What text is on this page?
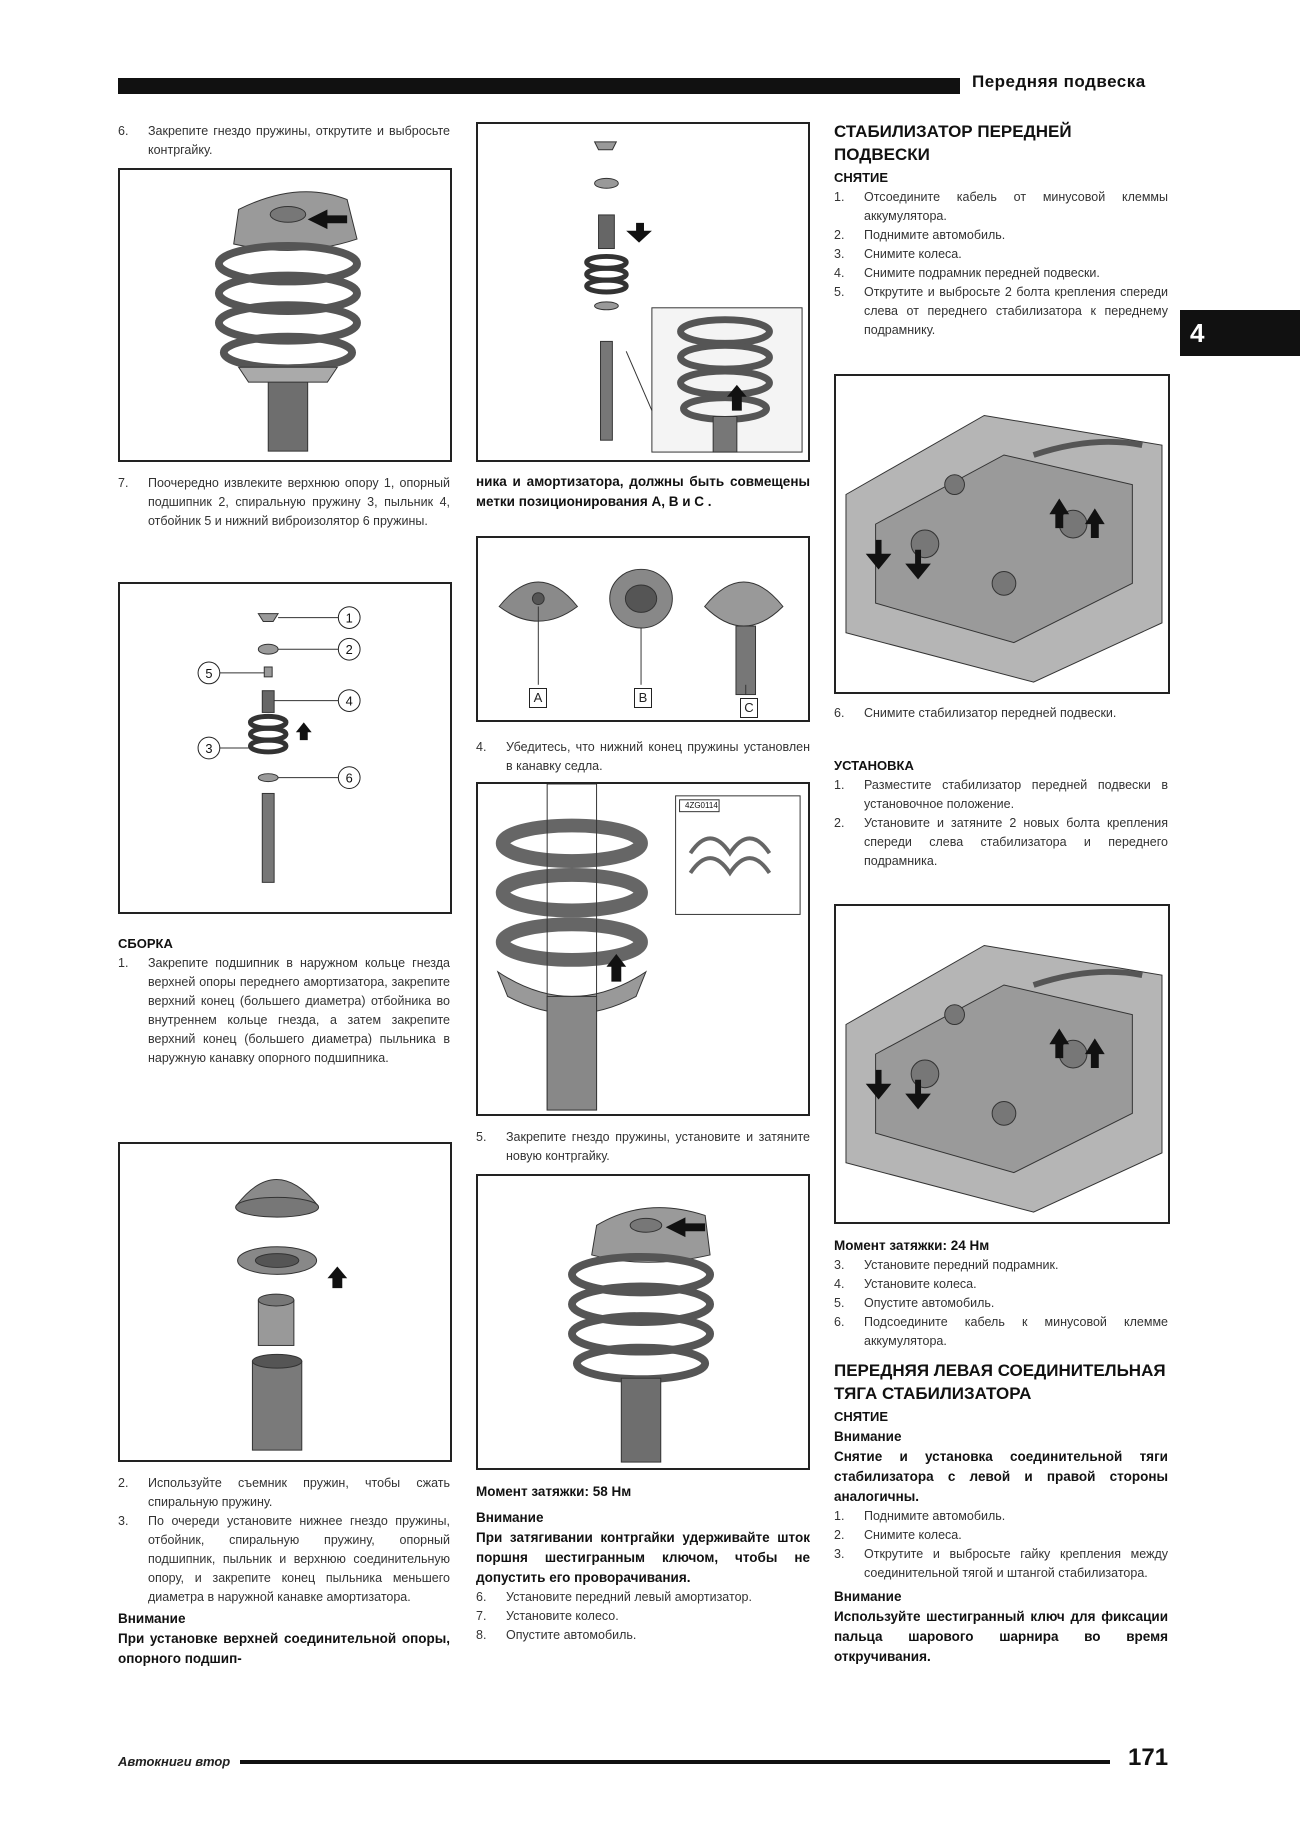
Передняя подвеска
4
6.	Закрепите гнездо пружины, открутите и выбросьте контргайку.
7.	Поочередно извлеките верхнюю опору 1, опорный подшипник 2, спиральную пружину 3, пыльник 4, отбойник 5 и нижний виброизолятор 6 пружины.
1
2
3
4
5
6
СБОРКА
1.	Закрепите подшипник в наружном кольце гнезда верхней опоры переднего амортизатора, закрепите верхний конец (большего диаметра) отбойника во внутреннем кольце гнезда, а затем закрепите верхний конец (большего диаметра) пыльника в наружную канавку опорного подшипника.
2.	Используйте съемник пружин, чтобы сжать спиральную пружину.
3.	По очереди установите нижнее гнездо пружины, отбойник, спиральную пружину, опорный подшипник, пыльник и верхнюю соединительную опору, и закрепите конец пыльника меньшего диаметра в наружной канавке амортизатора.
Внимание
При установке верхней соединительной опоры, опорного подшип-
ника и амортизатора, должны быть совмещены метки позиционирования A, B и C .
A	B
C
4.	Убедитесь, что нижний конец пружины установлен в канавку седла.
4ZG0114
5.	Закрепите гнездо пружины, установите и затяните новую контргайку.
Момент затяжки: 58 Нм
Внимание
При затягивании контргайки удерживайте шток поршня шестигранным ключом, чтобы не допустить его проворачивания.
6.	Установите передний левый амортизатор.
7.	Установите колесо.
8.	Опустите автомобиль.
СТАБИЛИЗАТОР ПЕРЕДНЕЙ ПОДВЕСКИ
СНЯТИЕ
1.	Отсоедините кабель от минусовой клеммы аккумулятора.
2.	Поднимите автомобиль.
3.	Снимите колеса.
4.	Снимите подрамник передней подвески.
5.	Открутите и выбросьте 2 болта крепления спереди слева от переднего стабилизатора к переднему подрамнику.
6.	Снимите стабилизатор передней подвески.
УСТАНОВКА
1.	Разместите стабилизатор передней подвески в установочное положение.
2.	Установите и затяните 2 новых болта крепления спереди слева стабилизатора и переднего подрамника.
Момент затяжки: 24 Нм
3.	Установите передний подрамник.
4.	Установите колеса.
5.	Опустите автомобиль.
6.	Подсоедините кабель к минусовой клемме аккумулятора.
ПЕРЕДНЯЯ ЛЕВАЯ СОЕДИНИТЕЛЬНАЯ ТЯГА СТАБИЛИЗАТОРА
СНЯТИЕ
Внимание
Снятие и установка соединительной тяги стабилизатора с левой и правой стороны аналогичны.
1.	Поднимите автомобиль.
2.	Снимите колеса.
3.	Открутите и выбросьте гайку крепления между соединительной тягой и штангой стабилизатора.
Внимание
Используйте шестигранный ключ для фиксации пальца шарового шарнира во время откручивания.
Автокниги втор	171
